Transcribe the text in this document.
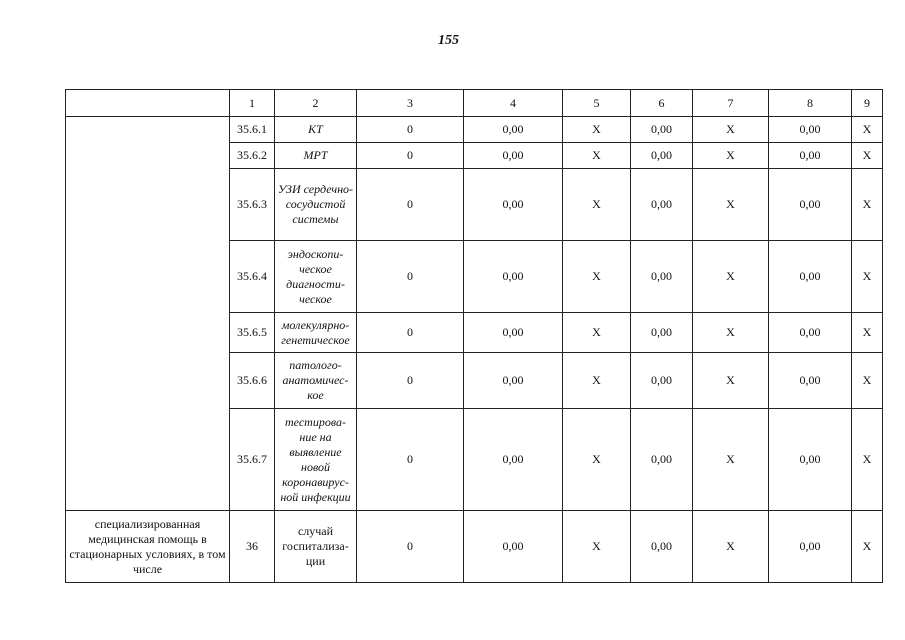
155
	1	2	3	4	5	6	7	8	9
	35.6.1	КТ	0	0,00	Х	0,00	Х	0,00	Х
	35.6.2	МРТ	0	0,00	Х	0,00	Х	0,00	Х
	35.6.3	УЗИ сердечно-сосудистой системы	0	0,00	Х	0,00	Х	0,00	Х
	35.6.4	эндоскопи-ческое диагности-ческое	0	0,00	Х	0,00	Х	0,00	Х
	35.6.5	молекулярно-генетическое	0	0,00	Х	0,00	Х	0,00	Х
	35.6.6	патолого-анатомичес-кое	0	0,00	Х	0,00	Х	0,00	Х
	35.6.7	тестирова-ние на выявление новой коронавирус-ной инфекции	0	0,00	Х	0,00	Х	0,00	Х
специализированная медицинская помощь в стационарных условиях, в том числе	36	случай госпитализа-ции	0	0,00	Х	0,00	Х	0,00	Х
